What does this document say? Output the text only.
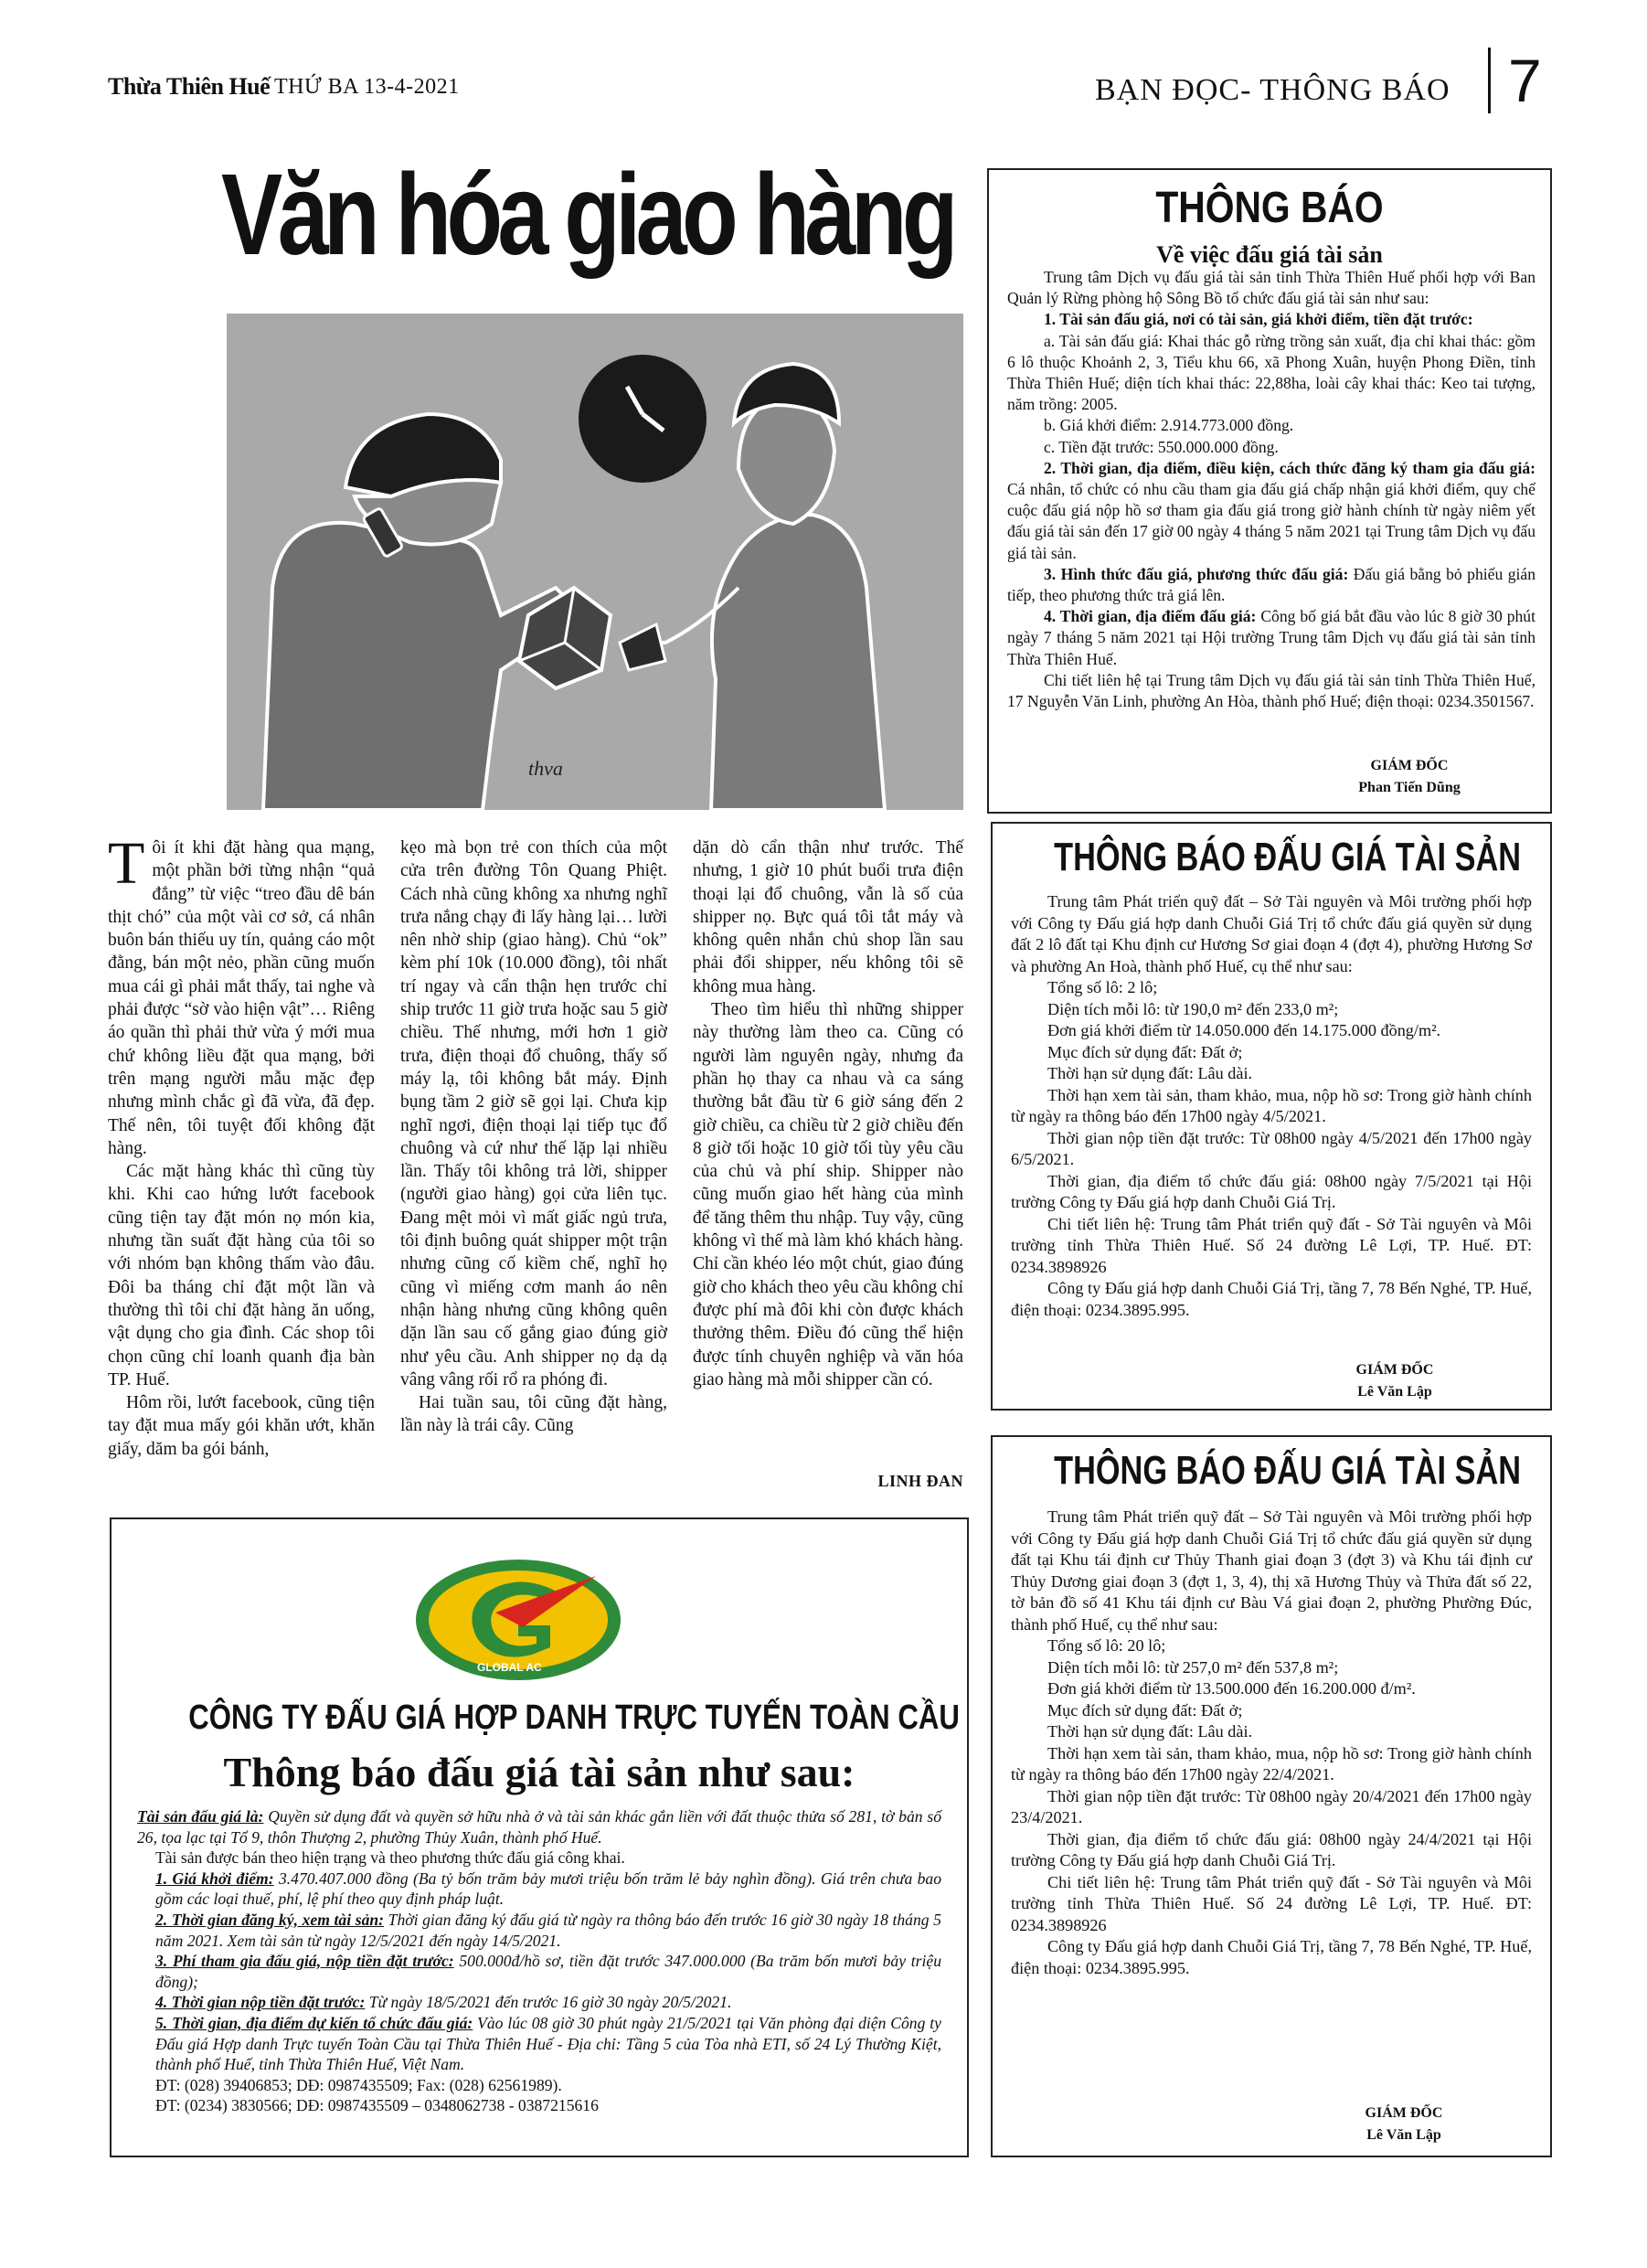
Thừa Thiên Huế THỨ BA 13-4-2021	BẠN ĐỌC- THÔNG BÁO 7
Văn hóa giao hàng
thva
T ôi ít khi đặt hàng qua mạng, một phần bởi từng nhận “quả đắng” từ việc “treo đầu dê bán thịt chó” của một vài cơ sở, cá nhân buôn bán thiếu uy tín, quảng cáo một đằng, bán một nẻo, phần cũng muốn mua cái gì phải mắt thấy, tai nghe và phải được “sờ vào hiện vật”… Riêng áo quần thì phải thử vừa ý mới mua chứ không liều đặt qua mạng, bởi trên mạng người mẫu mặc đẹp nhưng mình chắc gì đã vừa, đã đẹp. Thế nên, tôi tuyệt đối không đặt hàng.

Các mặt hàng khác thì cũng tùy khi. Khi cao hứng lướt facebook cũng tiện tay đặt món nọ món kia, nhưng tần suất đặt hàng của tôi so với nhóm bạn không thấm vào đâu. Đôi ba tháng chỉ đặt một lần và thường thì tôi chỉ đặt hàng ăn uống, vật dụng cho gia đình. Các shop tôi chọn cũng chỉ loanh quanh địa bàn TP. Huế.

Hôm rồi, lướt facebook, cũng tiện tay đặt mua mấy gói khăn ướt, khăn giấy, dăm ba gói bánh,

kẹo mà bọn trẻ con thích của một cửa trên đường Tôn Quang Phiệt. Cách nhà cũng không xa nhưng nghĩ trưa nắng chạy đi lấy hàng lại… lười nên nhờ ship (giao hàng). Chủ “ok” kèm phí 10k (10.000 đồng), tôi nhất trí ngay và cẩn thận hẹn trước chỉ ship trước 11 giờ trưa hoặc sau 5 giờ chiều. Thế nhưng, mới hơn 1 giờ trưa, điện thoại đổ chuông, thấy số máy lạ, tôi không bắt máy. Định bụng tầm 2 giờ sẽ gọi lại. Chưa kịp nghĩ ngơi, điện thoại lại tiếp tục đổ chuông và cứ như thế lặp lại nhiều lần. Thấy tôi không trả lời, shipper (người giao hàng) gọi cửa liên tục. Đang mệt mỏi vì mất giấc ngủ trưa, tôi định buông quát shipper một trận nhưng cũng cố kiềm chế, nghĩ họ cũng vì miếng cơm manh áo nên nhận hàng nhưng cũng không quên dặn lần sau cố gắng giao đúng giờ như yêu cầu. Anh shipper nọ dạ dạ vâng vâng rối rổ ra phóng đi.

Hai tuần sau, tôi cũng đặt hàng, lần này là trái cây. Cũng

dặn dò cẩn thận như trước. Thế nhưng, 1 giờ 10 phút buổi trưa điện thoại lại đổ chuông, vẫn là số của shipper nọ. Bực quá tôi tắt máy và không quên nhắn chủ shop lần sau phải đổi shipper, nếu không tôi sẽ không mua hàng.

Theo tìm hiểu thì những shipper này thường làm theo ca. Cũng có người làm nguyên ngày, nhưng đa phần họ thay ca nhau và ca sáng thường bắt đầu từ 6 giờ sáng đến 2 giờ chiều, ca chiều từ 2 giờ chiều đến 8 giờ tối hoặc 10 giờ tối tùy yêu cầu của chủ và phí ship. Shipper nào cũng muốn giao hết hàng của mình để tăng thêm thu nhập. Tuy vậy, cũng không vì thế mà làm khó khách hàng. Chỉ cần khéo léo một chút, giao đúng giờ cho khách theo yêu cầu không chỉ được phí mà đôi khi còn được khách thưởng thêm. Điều đó cũng thể hiện được tính chuyên nghiệp và văn hóa giao hàng mà mỗi shipper cần có.

LINH ĐAN
THÔNG BÁO
Về việc đấu giá tài sản

Trung tâm Dịch vụ đấu giá tài sản tỉnh Thừa Thiên Huế phối hợp với Ban Quản lý Rừng phòng hộ Sông Bồ tổ chức đấu giá tài sản như sau:

1. Tài sản đấu giá, nơi có tài sản, giá khởi điểm, tiền đặt trước:

a. Tài sản đấu giá: Khai thác gỗ rừng trồng sản xuất, địa chỉ khai thác: gồm 6 lô thuộc Khoảnh 2, 3, Tiểu khu 66, xã Phong Xuân, huyện Phong Điền, tỉnh Thừa Thiên Huế; diện tích khai thác: 22,88ha, loài cây khai thác: Keo tai tượng, năm trồng: 2005.

b. Giá khởi điểm: 2.914.773.000 đồng.

c. Tiền đặt trước: 550.000.000 đồng.

2. Thời gian, địa điểm, điều kiện, cách thức đăng ký tham gia đấu giá: Cá nhân, tổ chức có nhu cầu tham gia đấu giá chấp nhận giá khởi điểm, quy chế cuộc đấu giá nộp hồ sơ tham gia đấu giá trong giờ hành chính từ ngày niêm yết đấu giá tài sản đến 17 giờ 00 ngày 4 tháng 5 năm 2021 tại Trung tâm Dịch vụ đấu giá tài sản.

3. Hình thức đấu giá, phương thức đấu giá: Đấu giá bằng bỏ phiếu gián tiếp, theo phương thức trả giá lên.

4. Thời gian, địa điểm đấu giá: Công bố giá bắt đầu vào lúc 8 giờ 30 phút ngày 7 tháng 5 năm 2021 tại Hội trường Trung tâm Dịch vụ đấu giá tài sản tỉnh Thừa Thiên Huế.

Chi tiết liên hệ tại Trung tâm Dịch vụ đấu giá tài sản tỉnh Thừa Thiên Huế, 17 Nguyễn Văn Linh, phường An Hòa, thành phố Huế; điện thoại: 0234.3501567.

GIÁM ĐỐC
Phan Tiến Dũng
THÔNG BÁO ĐẤU GIÁ TÀI SẢN

Trung tâm Phát triển quỹ đất – Sở Tài nguyên và Môi trường phối hợp với Công ty Đấu giá hợp danh Chuỗi Giá Trị tổ chức đấu giá quyền sử dụng đất 2 lô đất tại Khu định cư Hương Sơ giai đoạn 4 (đợt 4), phường Hương Sơ và phường An Hoà, thành phố Huế, cụ thể như sau:

Tổng số lô: 2 lô;

Diện tích mỗi lô: từ 190,0 m² đến 233,0 m²;

Đơn giá khởi điểm từ 14.050.000 đến 14.175.000 đồng/m².

Mục đích sử dụng đất: Đất ở;

Thời hạn sử dụng đất: Lâu dài.

Thời hạn xem tài sản, tham khảo, mua, nộp hồ sơ: Trong giờ hành chính từ ngày ra thông báo đến 17h00 ngày 4/5/2021.

Thời gian nộp tiền đặt trước: Từ 08h00 ngày 4/5/2021 đến 17h00 ngày 6/5/2021.

Thời gian, địa điểm tổ chức đấu giá: 08h00 ngày 7/5/2021 tại Hội trường Công ty Đấu giá hợp danh Chuỗi Giá Trị.

Chi tiết liên hệ: Trung tâm Phát triển quỹ đất - Sở Tài nguyên và Môi trường tỉnh Thừa Thiên Huế. Số 24 đường Lê Lợi, TP. Huế. ĐT: 0234.3898926

Công ty Đấu giá hợp danh Chuỗi Giá Trị, tầng 7, 78 Bến Nghé, TP. Huế, điện thoại: 0234.3895.995.

GIÁM ĐỐC
Lê Văn Lập
THÔNG BÁO ĐẤU GIÁ TÀI SẢN

Trung tâm Phát triển quỹ đất – Sở Tài nguyên và Môi trường phối hợp với Công ty Đấu giá hợp danh Chuỗi Giá Trị tổ chức đấu giá quyền sử dụng đất tại Khu tái định cư Thủy Thanh giai đoạn 3 (đợt 3) và Khu tái định cư Thủy Dương giai đoạn 3 (đợt 1, 3, 4), thị xã Hương Thủy và Thửa đất số 22, tờ bản đồ số 41 Khu tái định cư Bàu Vá giai đoạn 2, phường Phường Đúc, thành phố Huế, cụ thể như sau:

Tổng số lô: 20 lô;

Diện tích mỗi lô: từ 257,0 m² đến 537,8 m²;

Đơn giá khởi điểm từ 13.500.000 đến 16.200.000 đ/m².

Mục đích sử dụng đất: Đất ở;

Thời hạn sử dụng đất: Lâu dài.

Thời hạn xem tài sản, tham khảo, mua, nộp hồ sơ: Trong giờ hành chính từ ngày ra thông báo đến 17h00 ngày 22/4/2021.

Thời gian nộp tiền đặt trước: Từ 08h00 ngày 20/4/2021 đến 17h00 ngày 23/4/2021.

Thời gian, địa điểm tổ chức đấu giá: 08h00 ngày 24/4/2021 tại Hội trường Công ty Đấu giá hợp danh Chuỗi Giá Trị.

Chi tiết liên hệ: Trung tâm Phát triển quỹ đất - Sở Tài nguyên và Môi trường tỉnh Thừa Thiên Huế. Số 24 đường Lê Lợi, TP. Huế. ĐT: 0234.3898926

Công ty Đấu giá hợp danh Chuỗi Giá Trị, tầng 7, 78 Bến Nghé, TP. Huế, điện thoại: 0234.3895.995.

GIÁM ĐỐC
Lê Văn Lập
GLOBAL AC
CÔNG TY ĐẤU GIÁ HỢP DANH TRỰC TUYẾN TOÀN CẦU
Thông báo đấu giá tài sản như sau:

Tài sản đấu giá là: Quyền sử dụng đất và quyền sở hữu nhà ở và tài sản khác gắn liền với đất thuộc thửa số 281, tờ bản số 26, tọa lạc tại Tổ 9, thôn Thượng 2, phường Thủy Xuân, thành phố Huế.

Tài sản được bán theo hiện trạng và theo phương thức đấu giá công khai.

1. Giá khởi điểm: 3.470.407.000 đồng (Ba tỷ bốn trăm bảy mươi triệu bốn trăm lẻ bảy nghìn đồng). Giá trên chưa bao gồm các loại thuế, phí, lệ phí theo quy định pháp luật.

2. Thời gian đăng ký, xem tài sản: Thời gian đăng ký đấu giá từ ngày ra thông báo đến trước 16 giờ 30 ngày 18 tháng 5 năm 2021. Xem tài sản từ ngày 12/5/2021 đến ngày 14/5/2021.

3. Phí tham gia đấu giá, nộp tiền đặt trước: 500.000đ/hồ sơ, tiền đặt trước 347.000.000 (Ba trăm bốn mươi bảy triệu đồng);

4. Thời gian nộp tiền đặt trước: Từ ngày 18/5/2021 đến trước 16 giờ 30 ngày 20/5/2021.

5. Thời gian, địa điểm dự kiến tổ chức đấu giá: Vào lúc 08 giờ 30 phút ngày 21/5/2021 tại Văn phòng đại diện Công ty Đấu giá Hợp danh Trực tuyến Toàn Cầu tại Thừa Thiên Huế - Địa chỉ: Tầng 5 của Tòa nhà ETI, số 24 Lý Thường Kiệt, thành phố Huế, tỉnh Thừa Thiên Huế, Việt Nam.

ĐT: (028) 39406853; DĐ: 0987435509; Fax: (028) 62561989).

ĐT: (0234) 3830566; DĐ: 0987435509 – 0348062738 - 0387215616
